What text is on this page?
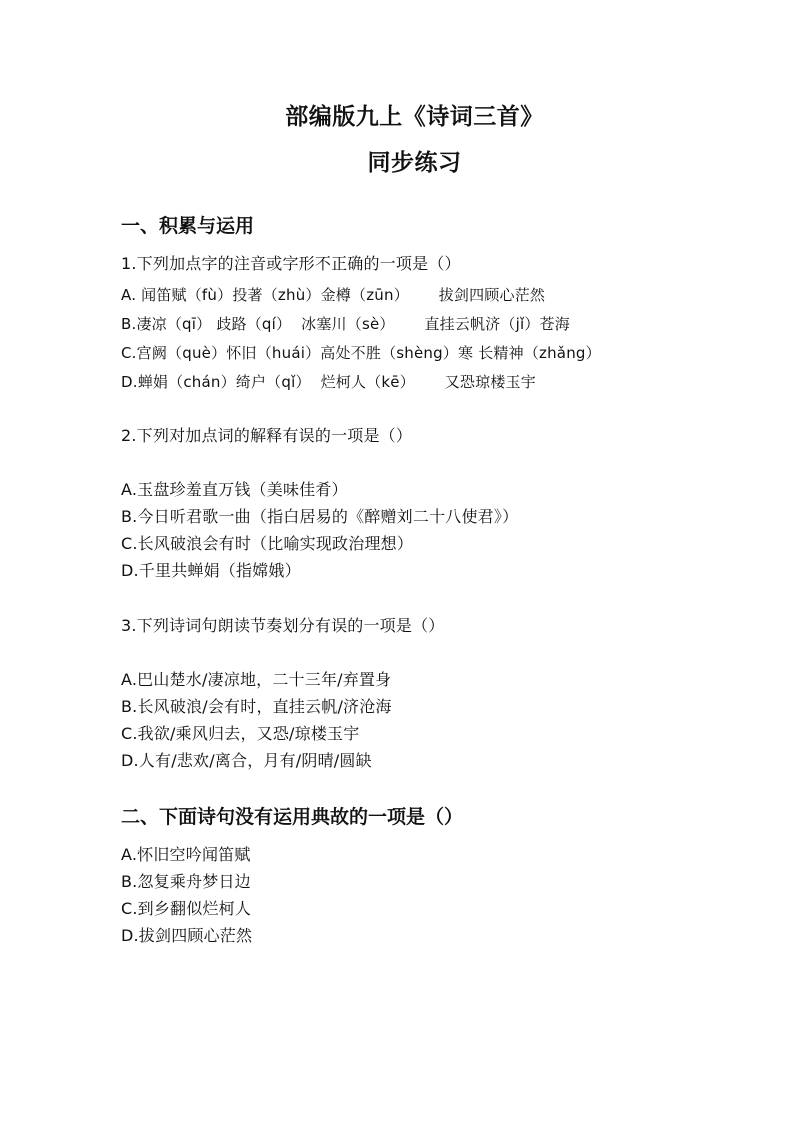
部编版九上《诗词三首》
同步练习
一、积累与运用
1.下列加点字的注音或字形不正确的一项是（）
A. 闻笛赋（fù）投著（zhù）金樽（zūn）      拔剑四顾心茫然
B.凄凉（qī） 歧路（qí）  冰塞川（sè）      直挂云帆济（jǐ）苍海
C.宫阙（què）怀旧（huái）高处不胜（shèng）寒 长精神（zhǎng）
D.蝉娟（chán）绮户（qǐ）  烂柯人（kē）      又恐琼楼玉宇
2.下列对加点词的解释有误的一项是（）
A.玉盘珍羞直万钱（美味佳肴）
B.今日听君歌一曲（指白居易的《醉赠刘二十八使君》）
C.长风破浪会有时（比喻实现政治理想）
D.千里共蝉娟（指嫦娥）
3.下列诗词句朗读节奏划分有误的一项是（）
A.巴山楚水/凄凉地，二十三年/弃置身
B.长风破浪/会有时，直挂云帆/济沧海
C.我欲/乘风归去，又恐/琼楼玉宇
D.人有/悲欢/离合，月有/阴晴/圆缺
二、下面诗句没有运用典故的一项是（）
A.怀旧空吟闻笛赋
B.忽复乘舟梦日边
C.到乡翻似烂柯人
D.拔剑四顾心茫然
